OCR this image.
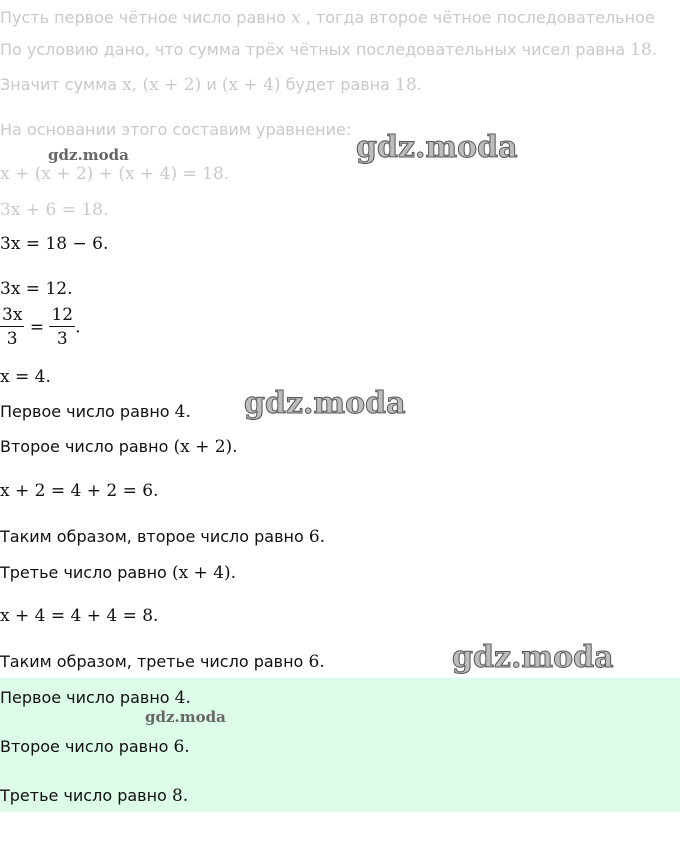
Пусть первое чётное число равно x , тогда второе чётное последовательное
По условию дано, что сумма трёх чётных последовательных чисел равна 18.
Значит сумма x, (x + 2) и (x + 4) будет равна 18.
На основании этого составим уравнение:
x + (x + 2) + (x + 4) = 18.
3x + 6 = 18.
3x = 18 − 6.
3x = 12.
$\frac{3x}{3} = \frac{12}{3}$ .
x = 4.
Первое число равно 4.
Второе число равно (x + 2).
x + 2 = 4 + 2 = 6.
Таким образом, второе число равно 6.
Третье число равно (x + 4).
x + 4 = 4 + 4 = 8.
Таким образом, третье число равно 6.
Первое число равно 4.
Второе число равно 6.
Третье число равно 8.
gdz.moda	gdz.moda
gdz.moda
gdz.moda
gdz.moda
